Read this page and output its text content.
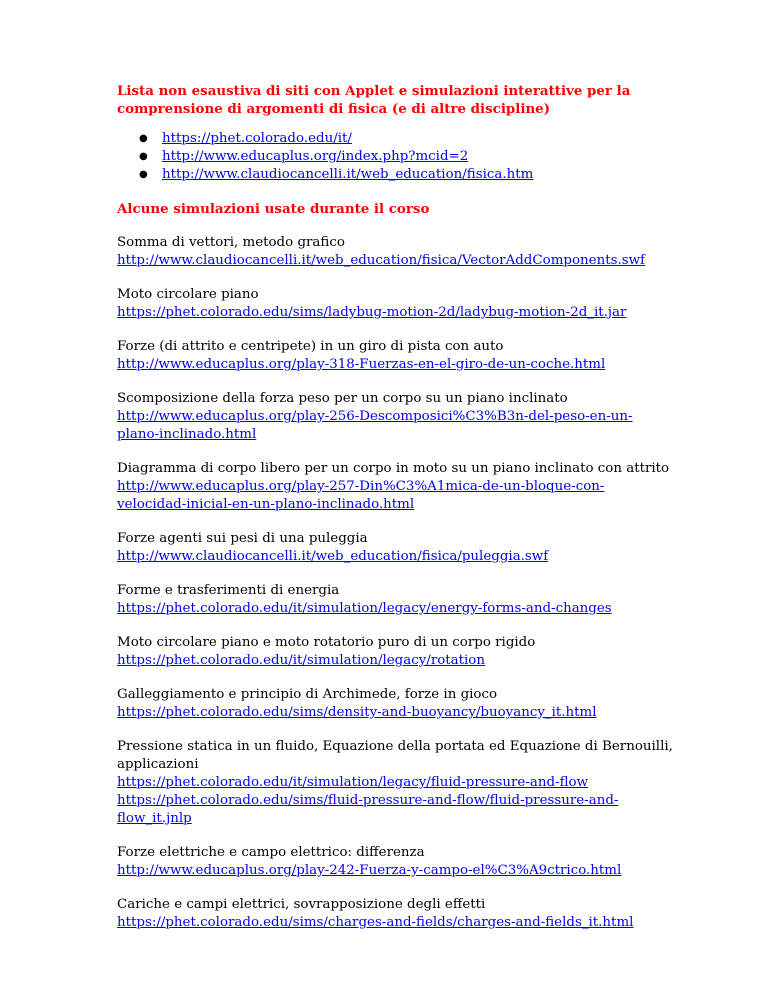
Lista non esaustiva di siti con Applet e simulazioni interattive per la
comprensione di argomenti di fisica (e di altre discipline)
● https://phet.colorado.edu/it/
● http://www.educaplus.org/index.php?mcid=2
● http://www.claudiocancelli.it/web_education/fisica.htm
Alcune simulazioni usate durante il corso
Somma di vettori, metodo grafico
http://www.claudiocancelli.it/web_education/fisica/VectorAddComponents.swf
Moto circolare piano
https://phet.colorado.edu/sims/ladybug-motion-2d/ladybug-motion-2d_it.jar
Forze (di attrito e centripete) in un giro di pista con auto
http://www.educaplus.org/play-318-Fuerzas-en-el-giro-de-un-coche.html
Scomposizione della forza peso per un corpo su un piano inclinato
http://www.educaplus.org/play-256-Descomposici%C3%B3n-del-peso-en-un-
plano-inclinado.html
Diagramma di corpo libero per un corpo in moto su un piano inclinato con attrito
http://www.educaplus.org/play-257-Din%C3%A1mica-de-un-bloque-con-
velocidad-inicial-en-un-plano-inclinado.html
Forze agenti sui pesi di una puleggia
http://www.claudiocancelli.it/web_education/fisica/puleggia.swf
Forme e trasferimenti di energia
https://phet.colorado.edu/it/simulation/legacy/energy-forms-and-changes
Moto circolare piano e moto rotatorio puro di un corpo rigido
https://phet.colorado.edu/it/simulation/legacy/rotation
Galleggiamento e principio di Archimede, forze in gioco
https://phet.colorado.edu/sims/density-and-buoyancy/buoyancy_it.html
Pressione statica in un fluido, Equazione della portata ed Equazione di Bernouilli,
applicazioni
https://phet.colorado.edu/it/simulation/legacy/fluid-pressure-and-flow
https://phet.colorado.edu/sims/fluid-pressure-and-flow/fluid-pressure-and-
flow_it.jnlp
Forze elettriche e campo elettrico: differenza
http://www.educaplus.org/play-242-Fuerza-y-campo-el%C3%A9ctrico.html
Cariche e campi elettrici, sovrapposizione degli effetti
https://phet.colorado.edu/sims/charges-and-fields/charges-and-fields_it.html
